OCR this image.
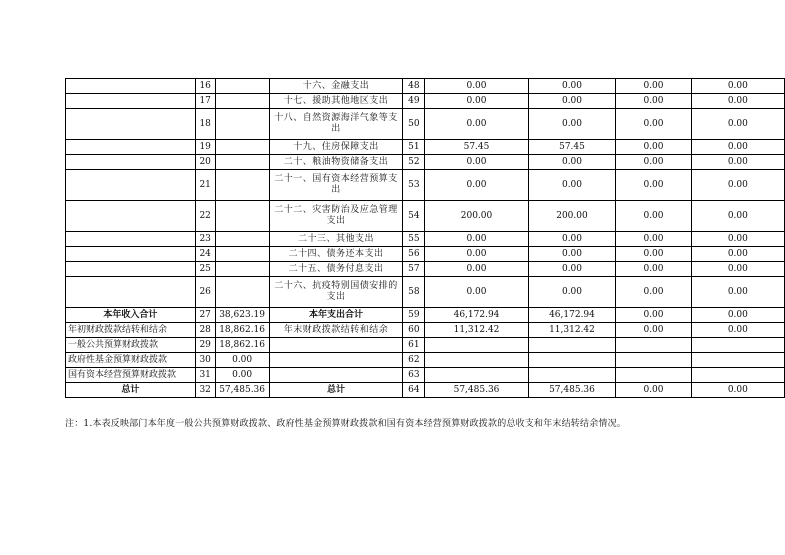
	16		十六、金融支出	48	0.00	0.00	0.00	0.00
	17		十七、援助其他地区支出	49	0.00	0.00	0.00	0.00
	18		十八、自然资源海洋气象等支出	50	0.00	0.00	0.00	0.00
	19		十九、住房保障支出	51	57.45	57.45	0.00	0.00
	20		二十、粮油物资储备支出	52	0.00	0.00	0.00	0.00
	21		二十一、国有资本经营预算支出	53	0.00	0.00	0.00	0.00
	22		二十二、灾害防治及应急管理支出	54	200.00	200.00	0.00	0.00
	23		二十三、其他支出	55	0.00	0.00	0.00	0.00
	24		二十四、债务还本支出	56	0.00	0.00	0.00	0.00
	25		二十五、债务付息支出	57	0.00	0.00	0.00	0.00
	26		二十六、抗疫特别国债安排的支出	58	0.00	0.00	0.00	0.00
本年收入合计	27	38,623.19	本年支出合计	59	46,172.94	46,172.94	0.00	0.00
年初财政拨款结转和结余	28	18,862.16	年末财政拨款结转和结余	60	11,312.42	11,312.42	0.00	0.00
一般公共预算财政拨款	29	18,862.16		61				
政府性基金预算财政拨款	30	0.00		62				
国有资本经营预算财政拨款	31	0.00		63				
总计	32	57,485.36	总计	64	57,485.36	57,485.36	0.00	0.00
注：1.本表反映部门本年度一般公共预算财政拨款、政府性基金预算财政拨款和国有资本经营预算财政拨款的总收支和年末结转结余情况。
